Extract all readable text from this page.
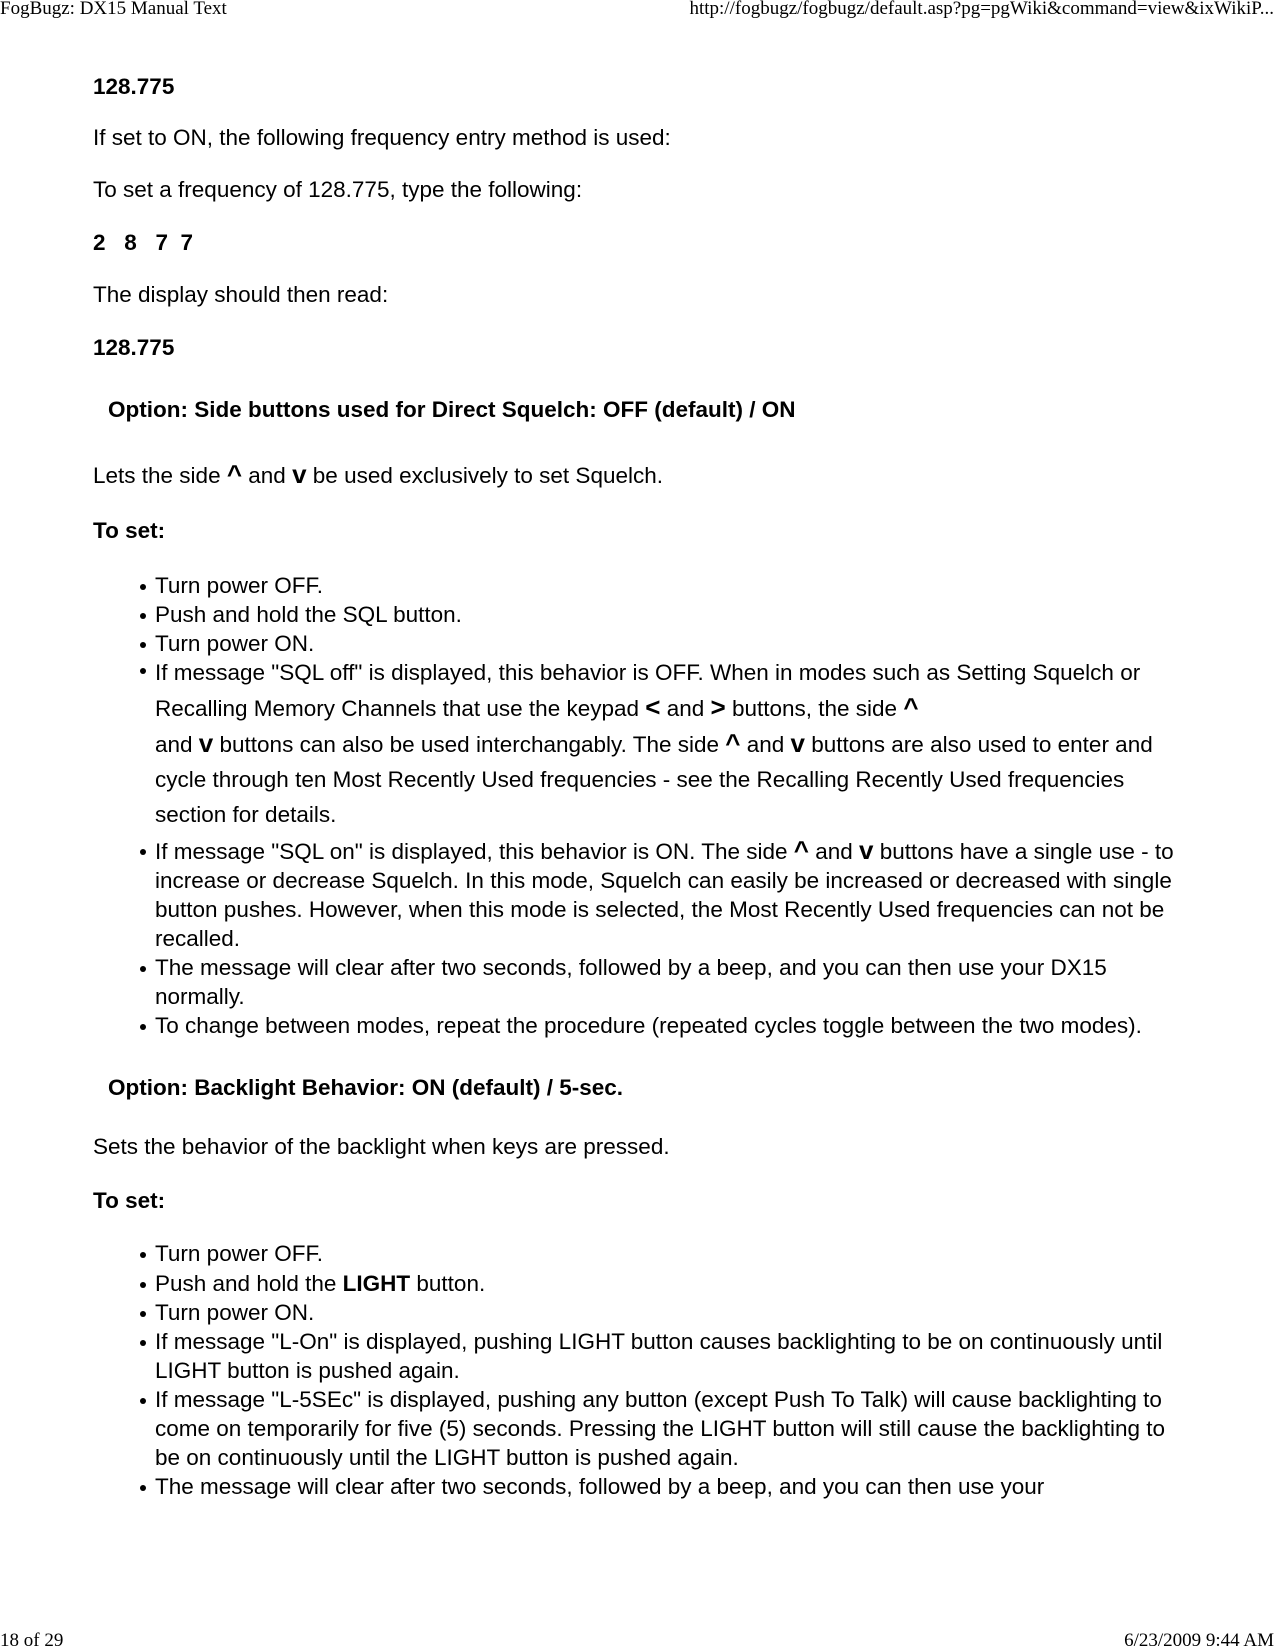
FogBugz: DX15 Manual Text	http://fogbugz/fogbugz/default.asp?pg=pgWiki&command=view&ixWikiP...

128.775

If set to ON, the following frequency entry method is used:

To set a frequency of 128.775, type the following:

2   8   7  7

The display should then read:

128.775

Option: Side buttons used for Direct Squelch: OFF (default) / ON

Lets the side ^ and v be used exclusively to set Squelch.

To set:

Turn power OFF.
Push and hold the SQL button.
Turn power ON.
If message "SQL off" is displayed, this behavior is OFF. When in modes such as Setting Squelch or Recalling Memory Channels that use the keypad < and > buttons, the side ^
and v buttons can also be used interchangably. The side ^ and v buttons are also used to enter and cycle through ten Most Recently Used frequencies - see the Recalling Recently Used frequencies section for details.
If message "SQL on" is displayed, this behavior is ON. The side ^ and v buttons have a single use - to increase or decrease Squelch. In this mode, Squelch can easily be increased or decreased with single button pushes. However, when this mode is selected, the Most Recently Used frequencies can not be recalled.
The message will clear after two seconds, followed by a beep, and you can then use your DX15 normally.
To change between modes, repeat the procedure (repeated cycles toggle between the two modes).

Option: Backlight Behavior: ON (default) / 5-sec.

Sets the behavior of the backlight when keys are pressed.

To set:

Turn power OFF.
Push and hold the LIGHT button.
Turn power ON.
If message "L-On" is displayed, pushing LIGHT button causes backlighting to be on continuously until LIGHT button is pushed again.
If message "L-5SEc" is displayed, pushing any button (except Push To Talk) will cause backlighting to come on temporarily for five (5) seconds. Pressing the LIGHT button will still cause the backlighting to be on continuously until the LIGHT button is pushed again.
The message will clear after two seconds, followed by a beep, and you can then use your
18 of 29	6/23/2009 9:44 AM
